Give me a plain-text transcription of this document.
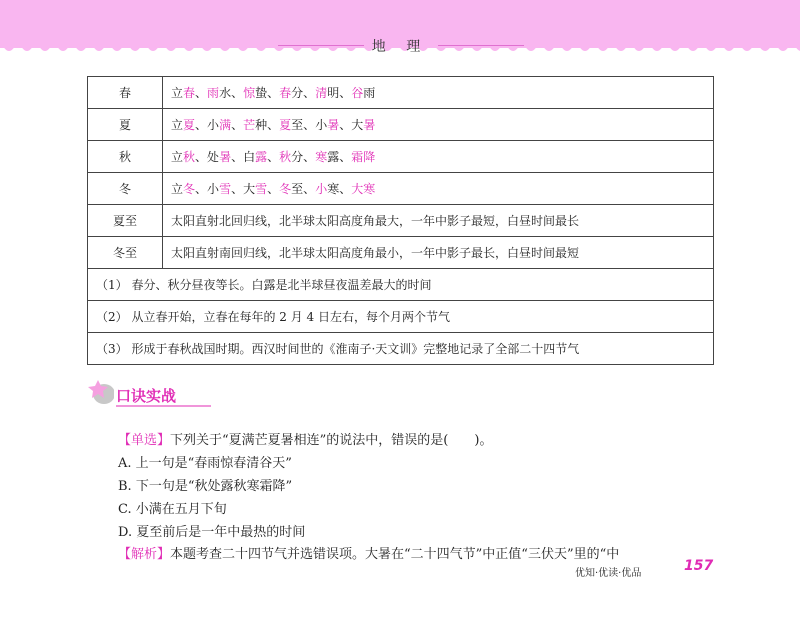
地 理
春	立春、雨水、惊蛰、春分、清明、谷雨
夏	立夏、小满、芒种、夏至、小暑、大暑
秋	立秋、处暑、白露、秋分、寒露、霜降
冬	立冬、小雪、大雪、冬至、小寒、大寒
夏至	太阳直射北回归线，北半球太阳高度角最大，一年中影子最短，白昼时间最长
冬至	太阳直射南回归线，北半球太阳高度角最小，一年中影子最长，白昼时间最短
（1） 春分、秋分昼夜等长。白露是北半球昼夜温差最大的时间	
（2） 从立春开始，立春在每年的 2 月 4 日左右，每个月两个节气	
（3） 形成于春秋战国时期。西汉时间世的《淮南子·天文训》完整地记录了全部二十四节气	
口诀实战
【单选】下列关于“夏满芒夏暑相连”的说法中，错误的是(　　)。
A. 上一句是“春雨惊春清谷天”
B. 下一句是“秋处露秋寒霜降”
C. 小满在五月下旬
D. 夏至前后是一年中最热的时间
【解析】本题考查二十四节气并选错误项。大暑在“二十四气节”中正值“三伏天”里的“中
优知·优读·优品	157
